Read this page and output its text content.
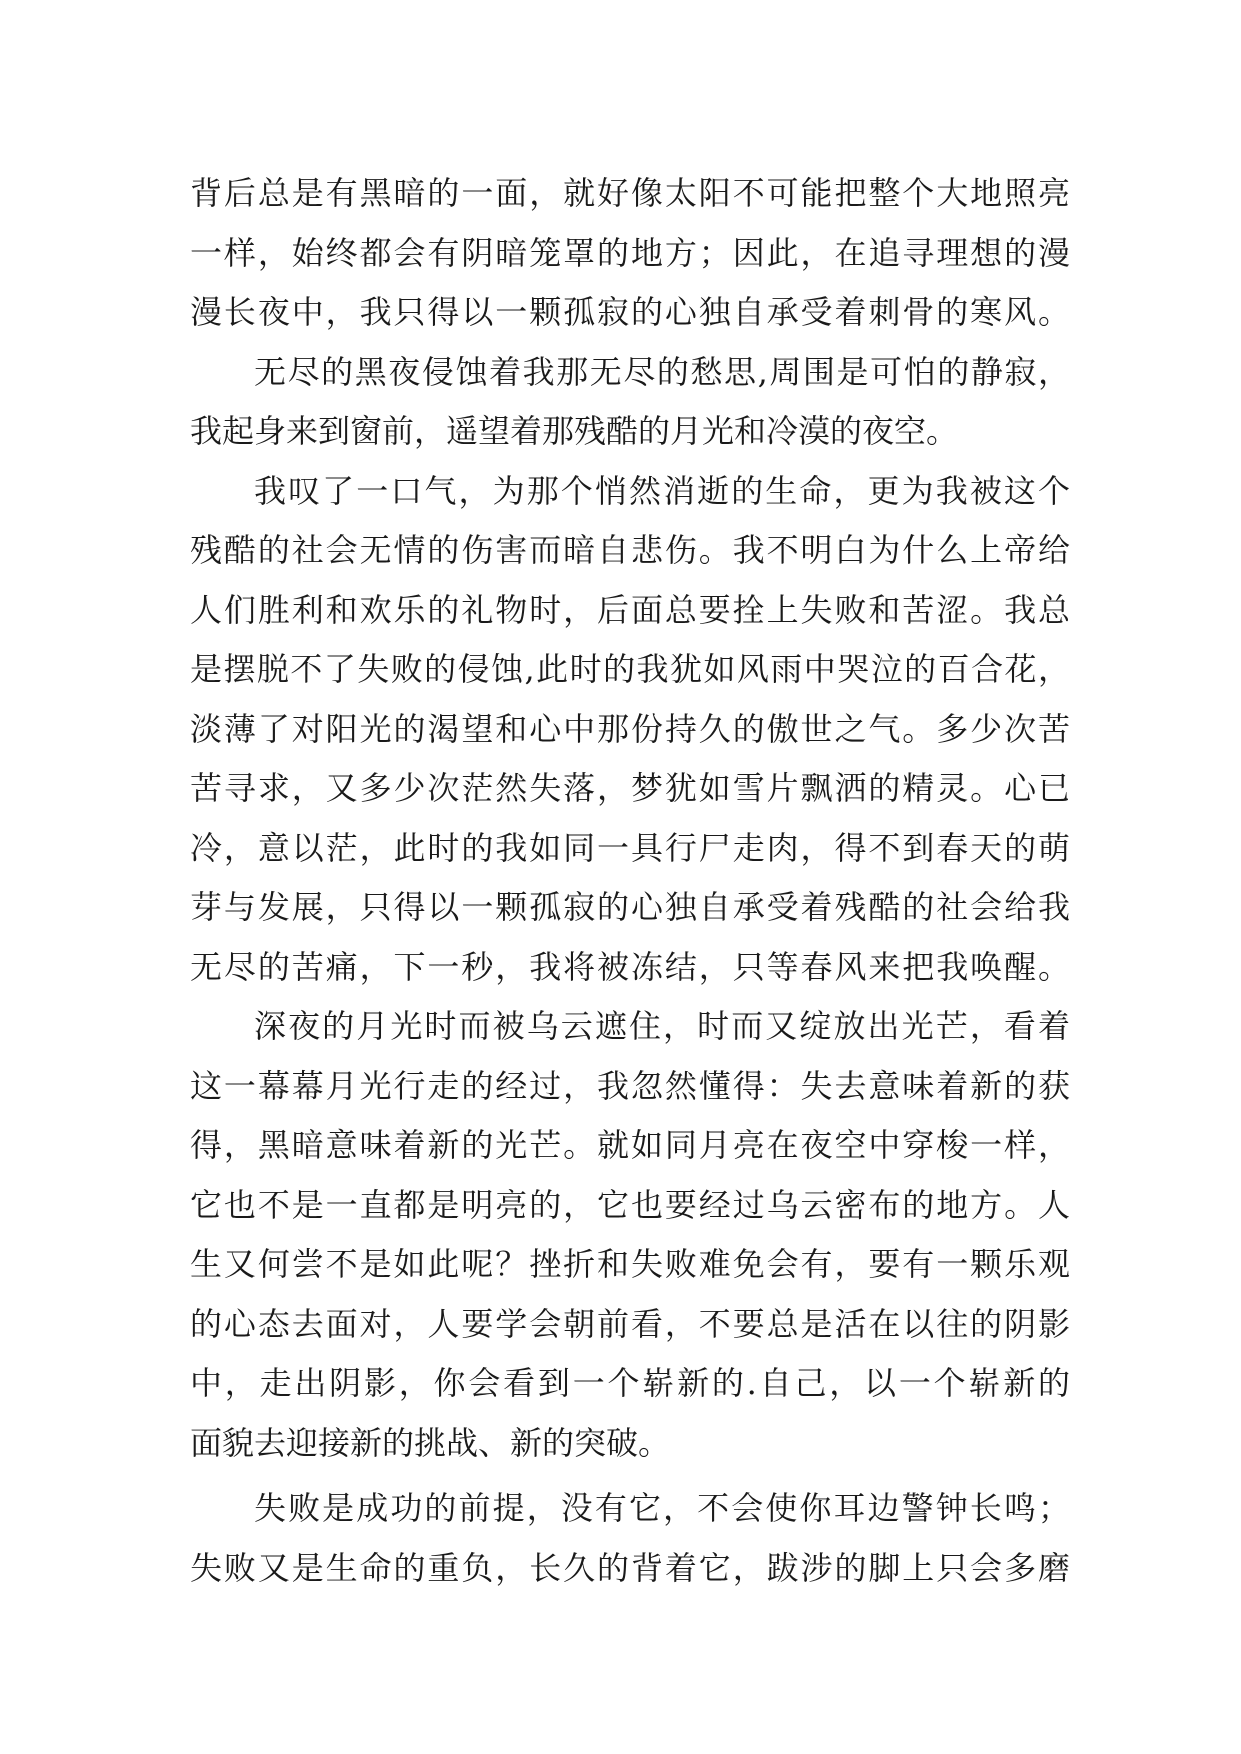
背后总是有黑暗的一面，就好像太阳不可能把整个大地照亮
一样，始终都会有阴暗笼罩的地方；因此，在追寻理想的漫
漫长夜中，我只得以一颗孤寂的心独自承受着刺骨的寒风。
无尽的黑夜侵蚀着我那无尽的愁思,周围是可怕的静寂，
我起身来到窗前，遥望着那残酷的月光和冷漠的夜空。
我叹了一口气，为那个悄然消逝的生命，更为我被这个
残酷的社会无情的伤害而暗自悲伤。我不明白为什么上帝给
人们胜利和欢乐的礼物时，后面总要拴上失败和苦涩。我总
是摆脱不了失败的侵蚀,此时的我犹如风雨中哭泣的百合花，
淡薄了对阳光的渴望和心中那份持久的傲世之气。多少次苦
苦寻求，又多少次茫然失落，梦犹如雪片飘洒的精灵。心已
冷，意以茫，此时的我如同一具行尸走肉，得不到春天的萌
芽与发展，只得以一颗孤寂的心独自承受着残酷的社会给我
无尽的苦痛，下一秒，我将被冻结，只等春风来把我唤醒。
深夜的月光时而被乌云遮住，时而又绽放出光芒，看着
这一幕幕月光行走的经过，我忽然懂得：失去意味着新的获
得，黑暗意味着新的光芒。就如同月亮在夜空中穿梭一样，
它也不是一直都是明亮的，它也要经过乌云密布的地方。人
生又何尝不是如此呢？挫折和失败难免会有，要有一颗乐观
的心态去面对，人要学会朝前看，不要总是活在以往的阴影
中，走出阴影，你会看到一个崭新的.自己，以一个崭新的
面貌去迎接新的挑战、新的突破。
失败是成功的前提，没有它，不会使你耳边警钟长鸣；
失败又是生命的重负，长久的背着它，跋涉的脚上只会多磨
